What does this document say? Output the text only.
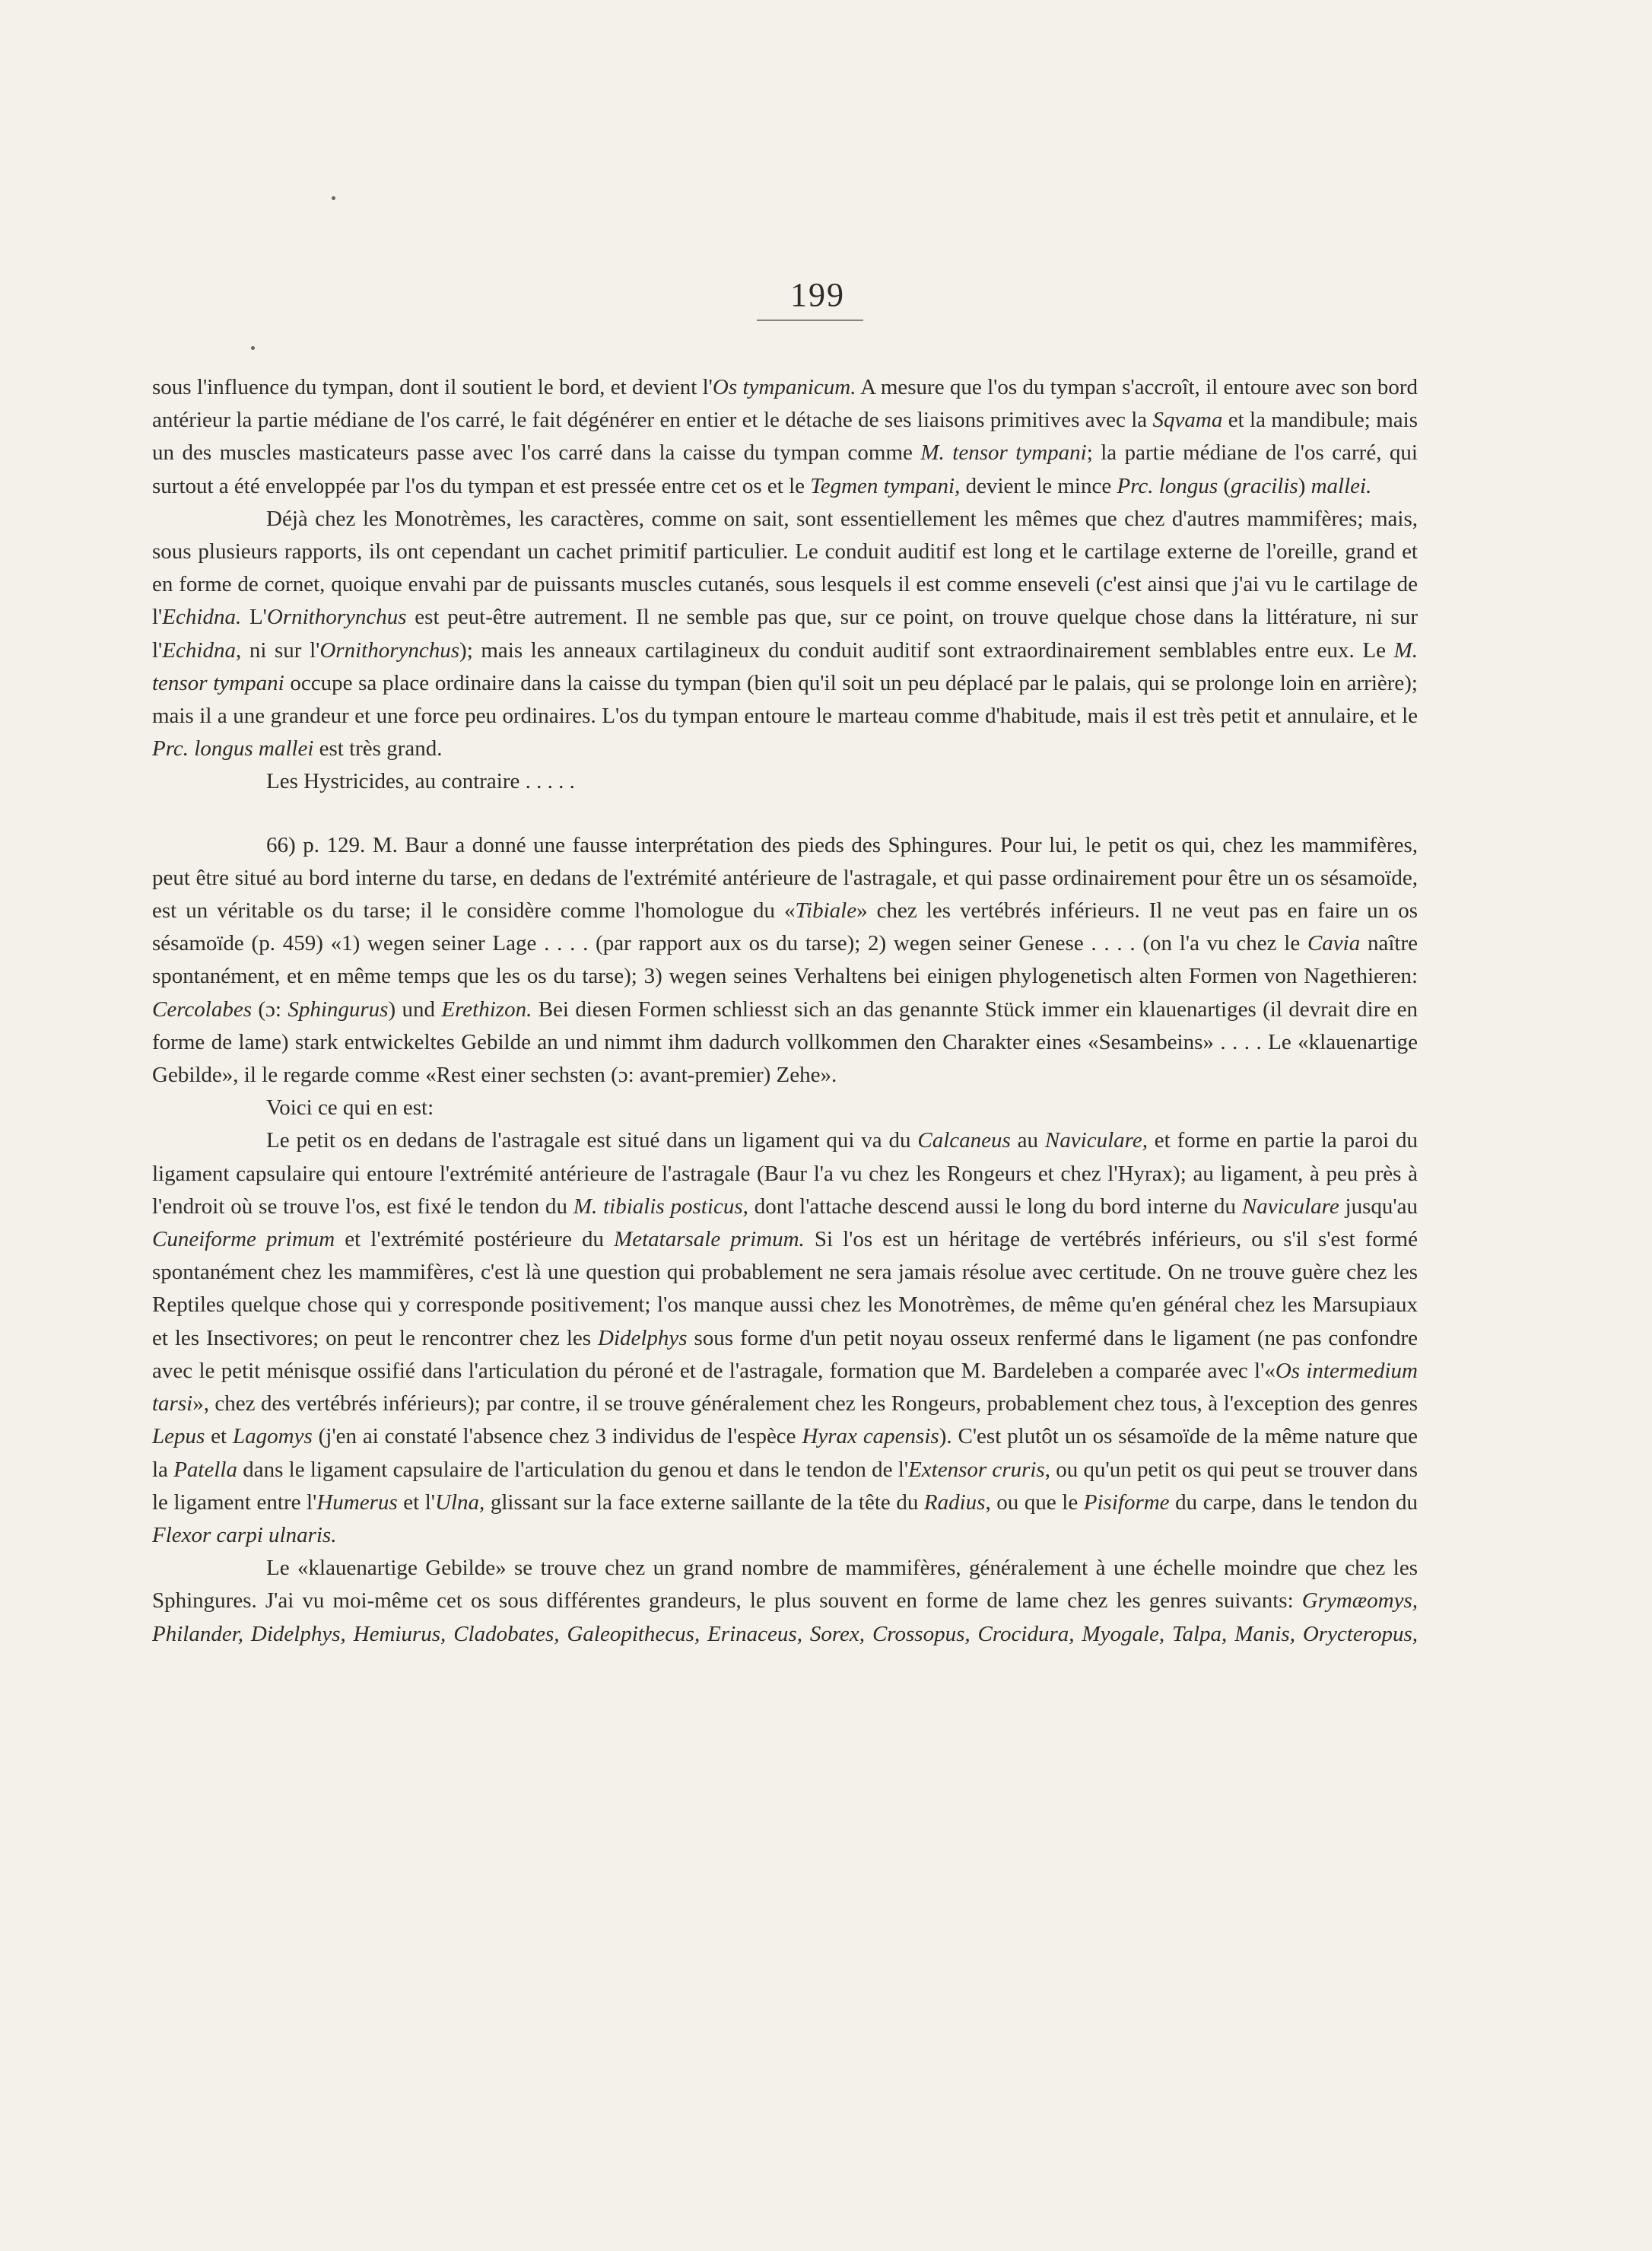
199

sous l'influence du tympan, dont il soutient le bord, et devient l'Os tympanicum. A mesure que l'os du tympan s'accroît, il entoure avec son bord antérieur la partie médiane de l'os carré, le fait dégénérer en entier et le détache de ses liaisons primitives avec la Sqvama et la mandibule; mais un des muscles masticateurs passe avec l'os carré dans la caisse du tympan comme M. tensor tympani; la partie médiane de l'os carré, qui surtout a été enveloppée par l'os du tympan et est pressée entre cet os et le Tegmen tympani, devient le mince Prc. longus (gracilis) mallei.

Déjà chez les Monotrèmes, les caractères, comme on sait, sont essentiellement les mêmes que chez d'autres mammifères; mais, sous plusieurs rapports, ils ont cependant un cachet primitif particulier. Le conduit auditif est long et le cartilage externe de l'oreille, grand et en forme de cornet, quoique envahi par de puissants muscles cutanés, sous lesquels il est comme enseveli (c'est ainsi que j'ai vu le cartilage de l'Echidna. L'Ornithorynchus est peut-être autrement. Il ne semble pas que, sur ce point, on trouve quelque chose dans la littérature, ni sur l'Echidna, ni sur l'Ornithorynchus); mais les anneaux cartilagineux du conduit auditif sont extraordinairement semblables entre eux. Le M. tensor tympani occupe sa place ordinaire dans la caisse du tympan (bien qu'il soit un peu déplacé par le palais, qui se prolonge loin en arrière); mais il a une grandeur et une force peu ordinaires. L'os du tympan entoure le marteau comme d'habitude, mais il est très petit et annulaire, et le Prc. longus mallei est très grand.

Les Hystricides, au contraire . . . . .

66) p. 129. M. Baur a donné une fausse interprétation des pieds des Sphingures. Pour lui, le petit os qui, chez les mammifères, peut être situé au bord interne du tarse, en dedans de l'extrémité antérieure de l'astragale, et qui passe ordinairement pour être un os sésamoïde, est un véritable os du tarse; il le considère comme l'homologue du «Tibiale» chez les vertébrés inférieurs. Il ne veut pas en faire un os sésamoïde (p. 459) «1) wegen seiner Lage . . . . (par rapport aux os du tarse); 2) wegen seiner Genese . . . . (on l'a vu chez le Cavia naître spontanément, et en même temps que les os du tarse); 3) wegen seines Verhaltens bei einigen phylogenetisch alten Formen von Nagethieren: Cercolabes (ɔ: Sphingurus) und Erethizon. Bei diesen Formen schliesst sich an das genannte Stück immer ein klauenartiges (il devrait dire en forme de lame) stark entwickeltes Gebilde an und nimmt ihm dadurch vollkommen den Charakter eines «Sesambeins» . . . . Le «klauenartige Gebilde», il le regarde comme «Rest einer sechsten (ɔ: avant-premier) Zehe».

Voici ce qui en est:

Le petit os en dedans de l'astragale est situé dans un ligament qui va du Calcaneus au Naviculare, et forme en partie la paroi du ligament capsulaire qui entoure l'extrémité antérieure de l'astragale (Baur l'a vu chez les Rongeurs et chez l'Hyrax); au ligament, à peu près à l'endroit où se trouve l'os, est fixé le tendon du M. tibialis posticus, dont l'attache descend aussi le long du bord interne du Naviculare jusqu'au Cuneiforme primum et l'extrémité postérieure du Metatarsale primum. Si l'os est un héritage de vertébrés inférieurs, ou s'il s'est formé spontanément chez les mammifères, c'est là une question qui probablement ne sera jamais résolue avec certitude. On ne trouve guère chez les Reptiles quelque chose qui y corresponde positivement; l'os manque aussi chez les Monotrèmes, de même qu'en général chez les Marsupiaux et les Insectivores; on peut le rencontrer chez les Didelphys sous forme d'un petit noyau osseux renfermé dans le ligament (ne pas confondre avec le petit ménisque ossifié dans l'articulation du péroné et de l'astragale, formation que M. Bardeleben a comparée avec l'«Os intermedium tarsi», chez des vertébrés inférieurs); par contre, il se trouve généralement chez les Rongeurs, probablement chez tous, à l'exception des genres Lepus et Lagomys (j'en ai constaté l'absence chez 3 individus de l'espèce Hyrax capensis). C'est plutôt un os sésamoïde de la même nature que la Patella dans le ligament capsulaire de l'articulation du genou et dans le tendon de l'Extensor cruris, ou qu'un petit os qui peut se trouver dans le ligament entre l'Humerus et l'Ulna, glissant sur la face externe saillante de la tête du Radius, ou que le Pisiforme du carpe, dans le tendon du Flexor carpi ulnaris.

Le «klauenartige Gebilde» se trouve chez un grand nombre de mammifères, généralement à une échelle moindre que chez les Sphingures. J'ai vu moi-même cet os sous différentes grandeurs, le plus souvent en forme de lame chez les genres suivants: Grymæomys, Philander, Didelphys, Hemiurus, Cladobates, Galeopithecus, Erinaceus, Sorex, Crossopus, Crocidura, Myogale, Talpa, Manis, Orycteropus,
